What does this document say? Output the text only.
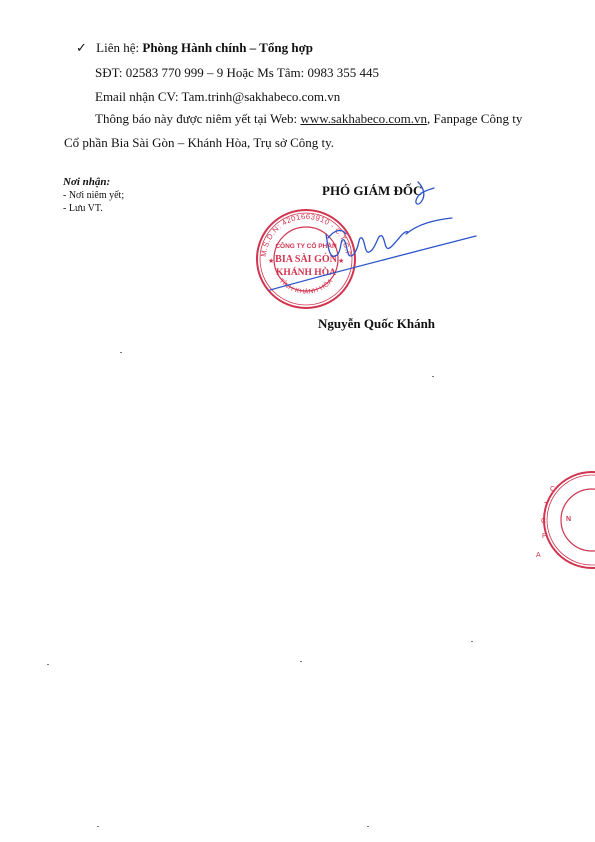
✓ Liên hệ: Phòng Hành chính – Tổng hợp
SĐT: 02583 770 999 – 9 Hoặc Ms Tâm: 0983 355 445
Email nhận CV: Tam.trinh@sakhabeco.com.vn
Thông báo này được niêm yết tại Web: www.sakhabeco.com.vn, Fanpage Công ty
Cổ phần Bia Sài Gòn – Khánh Hòa, Trụ sở Công ty.
Nơi nhận:
- Nơi niêm yết;
- Lưu VT.
PHÓ GIÁM ĐỐC
M.S.D.N: 4201663910 - C.T.C.P
TỈNH KHÁNH HÒA
CÔNG TY CỔ PHẦN
BIA SÀI GÒN
KHÁNH HÒA
★	★
Nguyễn Quốc Khánh
C
T
C
P
N
A
